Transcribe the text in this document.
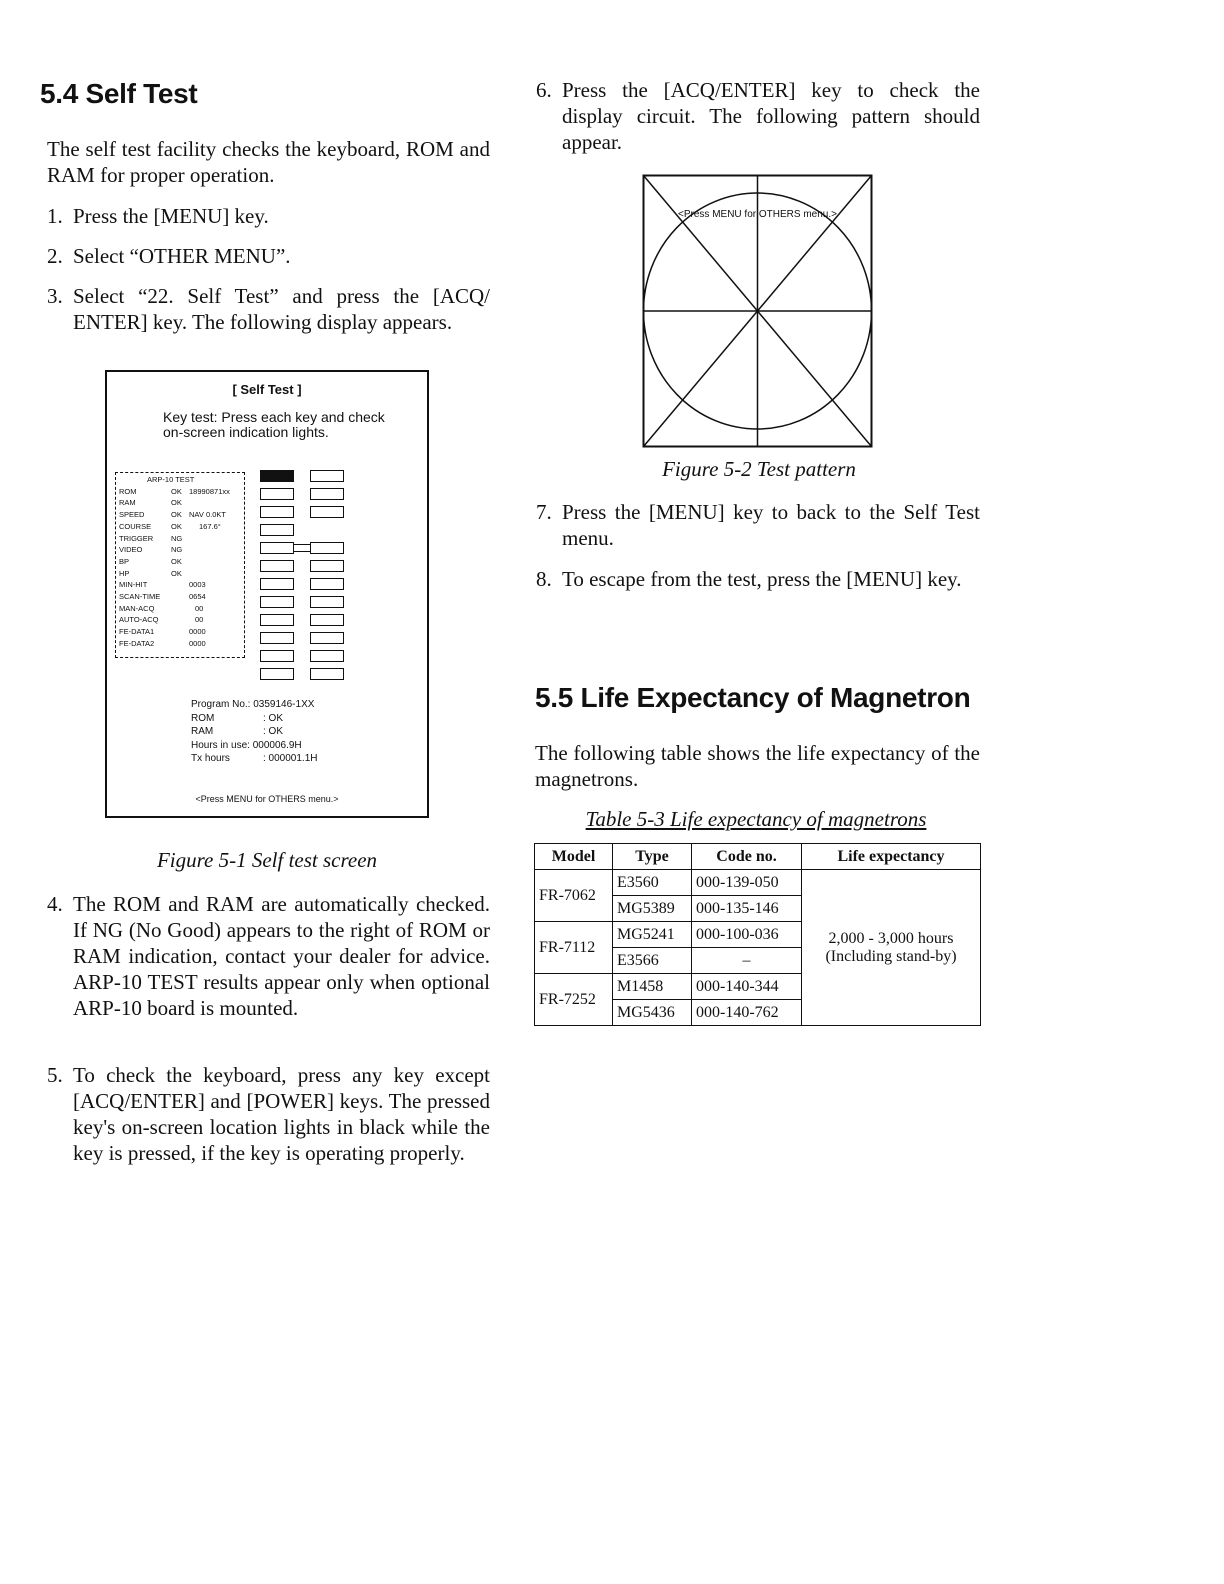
5.4 Self Test

The self test facility checks the keyboard, ROM and RAM for proper operation.

1. Press the [MENU] key.
2. Select “OTHER MENU”.
3. Select “22. Self Test” and press the [ACQ/ ENTER] key. The following display appears.
[ Self Test ]
Key test: Press each key and check on-screen indication lights.
ARP-10 TEST
ROM	OK 18990871xx
RAM	OK
SPEED	OK NAV 0.0KT
COURSE	OK	167.6°
TRIGGER	NG
VIDEO	NG
BP	OK
HP	OK
MIN-HIT	0003
SCAN-TIME	0654
MAN-ACQ	00
AUTO-ACQ	00
FE-DATA1	0000
FE-DATA2	0000
Program No.:
0359146-1XX
ROM	: OK
RAM	: OK
Hours in use:
000006.9H
Tx hours	: 000001.1H
<Press MENU for OTHERS menu.>

Figure 5-1 Self test screen

4. The ROM and RAM are automatically checked. If NG (No Good) appears to the right of ROM or RAM indication, contact your dealer for advice. ARP-10 TEST results appear only when optional ARP-10 board is mounted.
5. To check the keyboard, press any key except [ACQ/ENTER] and [POWER] keys. The pressed key's on-screen location lights in black while the key is pressed, if the key is operating properly.
6. Press the [ACQ/ENTER] key to check the display circuit. The following pattern should appear.
<Press MENU for OTHERS menu.>

Figure 5-2 Test pattern

7. Press the [MENU] key to back to the Self Test menu.
8. To escape from the test, press the [MENU] key.
5.5 Life Expectancy of Magnetron

The following table shows the life expectancy of the magnetrons.

Table 5-3 Life expectancy of magnetrons

Model	Type	Code no.	Life expectancy
FR-7062	E3560	000-139-050	2,000 - 3,000 hours
(Including stand-by)

	MG5389	000-135-146	
FR-7112	MG5241	000-100-036	
	E3566	–	
FR-7252	M1458	000-140-344	
	MG5436	000-140-762	
